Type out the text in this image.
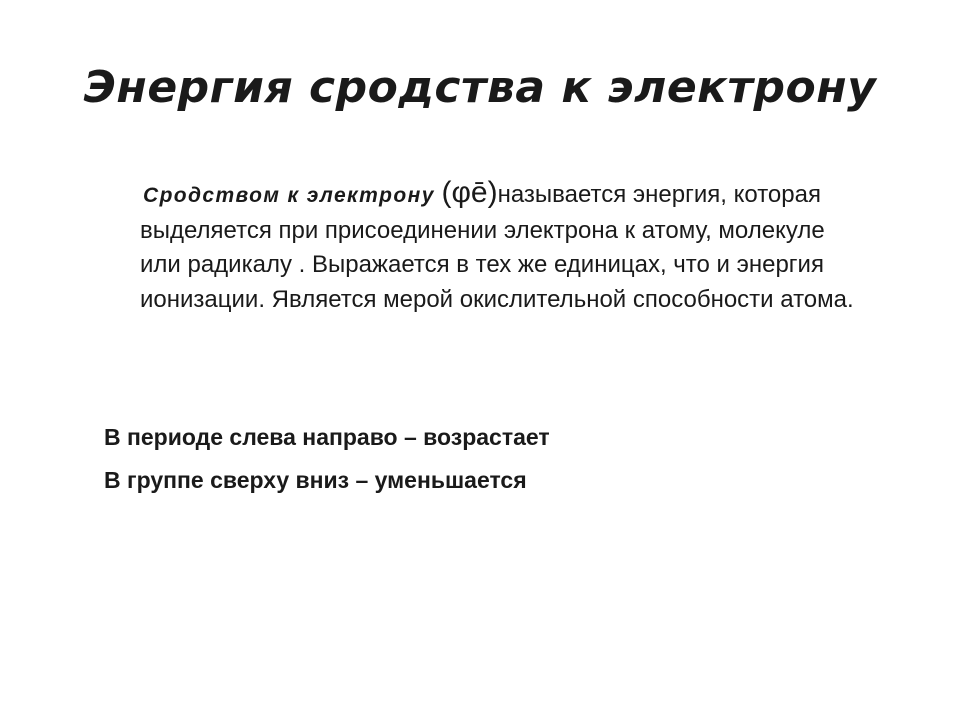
Энергия сродства к электрону

Сродством к электрону (φē)называется энергия, которая выделяется при присоединении электрона к атому, молекуле или радикалу . Выражается в тех же единицах, что и энергия ионизации. Является мерой окислительной способности атома.

В периоде слева направо – возрастает

В группе сверху вниз – уменьшается
